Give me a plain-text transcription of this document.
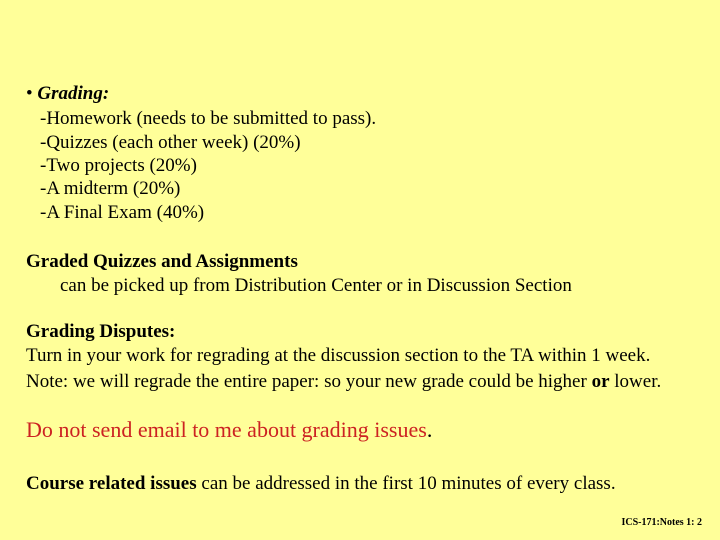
• Grading:
-Homework (needs to be submitted to pass).
-Quizzes (each other week) (20%)
-Two projects (20%)
-A midterm (20%)
-A Final Exam (40%)
Graded Quizzes and Assignments
can be picked up from Distribution Center or in Discussion Section
Grading Disputes:
Turn in your work for regrading at the discussion section to the TA within 1 week.
Note: we will regrade the entire paper: so your new grade could be higher or lower.
Do not send email to me about grading issues.
Course related issues can be addressed in the first 10 minutes of every class.
ICS-171:Notes 1: 2
